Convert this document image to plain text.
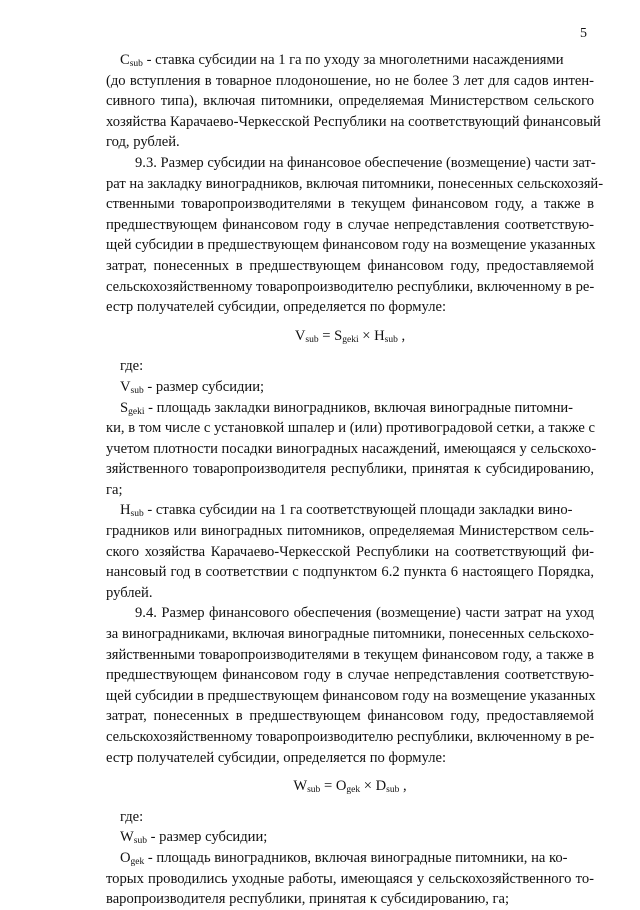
5
$C_{sub}$ - ставка субсидии на 1 га по уходу за многолетними насаждениями
(до вступления в товарное плодоношение, но не более 3 лет для садов интен-
сивного типа), включая питомники, определяемая Министерством сельского
хозяйства Карачаево-Черкесской Республики на соответствующий финансовый
год, рублей.
9.3. Размер субсидии на финансовое обеспечение (возмещение) части зат-
рат на закладку виноградников, включая питомники, понесенных сельскохозяй-
ственными товаропроизводителями в текущем финансовом году, а также в
предшествующем финансовом году в случае непредставления соответствую-
щей субсидии в предшествующем финансовом году на возмещение указанных
затрат, понесенных в предшествующем финансовом году, предоставляемой
сельскохозяйственному товаропроизводителю республики, включенному в ре-
естр получателей субсидии, определяется по формуле:
$V_{sub} = S_{geki} \times H_{sub}$ ,
где:
$V_{sub}$ - размер субсидии;
$S_{geki}$ - площадь закладки виноградников, включая виноградные питомни-
ки, в том числе с установкой шпалер и (или) противоградовой сетки, а также с
учетом плотности посадки виноградных насаждений, имеющаяся у сельскохо-
зяйственного товаропроизводителя республики, принятая к субсидированию,
га;
$H_{sub}$ - ставка субсидии на 1 га соответствующей площади закладки вино-
градников или виноградных питомников, определяемая Министерством сель-
ского хозяйства Карачаево-Черкесской Республики на соответствующий фи-
нансовый год в соответствии с подпунктом 6.2 пункта 6 настоящего Порядка,
рублей.
9.4. Размер финансового обеспечения (возмещение) части затрат на уход
за виноградниками, включая виноградные питомники, понесенных сельскохо-
зяйственными товаропроизводителями в текущем финансовом году, а также в
предшествующем финансовом году в случае непредставления соответствую-
щей субсидии в предшествующем финансовом году на возмещение указанных
затрат, понесенных в предшествующем финансовом году, предоставляемой
сельскохозяйственному товаропроизводителю республики, включенному в ре-
естр получателей субсидии, определяется по формуле:
$W_{sub} = O_{gek} \times D_{sub}$ ,
где:
$W_{sub}$ - размер субсидии;
$O_{gek}$ - площадь виноградников, включая виноградные питомники, на ко-
торых проводились уходные работы, имеющаяся у сельскохозяйственного то-
варопроизводителя республики, принятая к субсидированию, га;
